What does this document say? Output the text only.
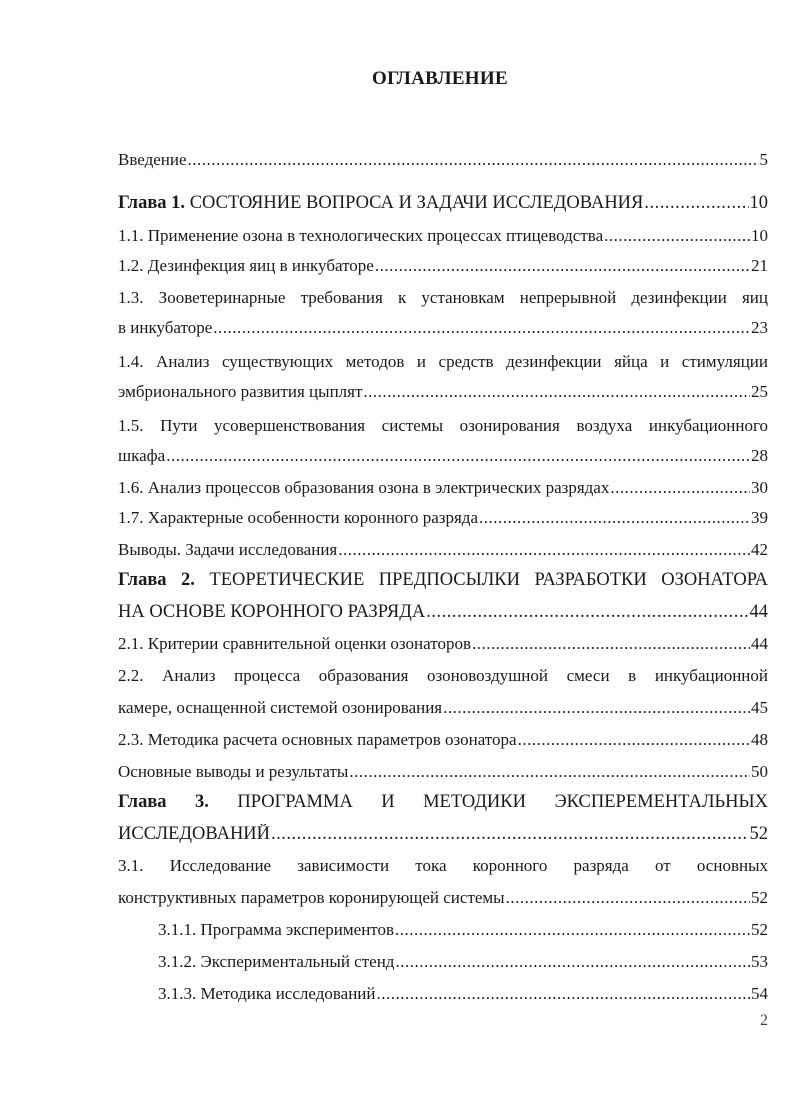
ОГЛАВЛЕНИЕ
Введение .....	5
Глава 1. СОСТОЯНИЕ ВОПРОСА И ЗАДАЧИ ИССЛЕДОВАНИЯ .....	10
1.1. Применение озона в технологических процессах птицеводства .....	10
1.2. Дезинфекция яиц в инкубаторе .....	21
1.3. Зооветеринарные требования к установкам непрерывной дезинфекции яиц
в инкубаторе .....	23
1.4. Анализ существующих методов и средств дезинфекции яйца и стимуляции
эмбрионального развития цыплят .....	25
1.5. Пути усовершенствования системы озонирования воздуха инкубационного
шкафа .....	28
1.6. Анализ процессов образования озона в электрических разрядах .....	30
1.7. Характерные особенности коронного разряда .....	39
Выводы. Задачи исследования .....	42
Глава 2. ТЕОРЕТИЧЕСКИЕ ПРЕДПОСЫЛКИ РАЗРАБОТКИ ОЗОНАТОРА
НА ОСНОВЕ КОРОННОГО РАЗРЯДА .....	44
2.1. Критерии сравнительной оценки озонаторов .....	44
2.2. Анализ процесса образования озоновоздушной смеси в инкубационной
камере, оснащенной системой озонирования .....	45
2.3. Методика расчета основных параметров озонатора .....	48
Основные выводы и результаты .....	50
Глава 3. ПРОГРАММА И МЕТОДИКИ ЭКСПЕРЕМЕНТАЛЬНЫХ
ИССЛЕДОВАНИЙ .....	52
3.1. Исследование зависимости тока коронного разряда от основных
конструктивных параметров коронирующей системы .....	52
3.1.1. Программа экспериментов .....	52
3.1.2. Экспериментальный стенд .....	53
3.1.3. Методика исследований .....	54
2
